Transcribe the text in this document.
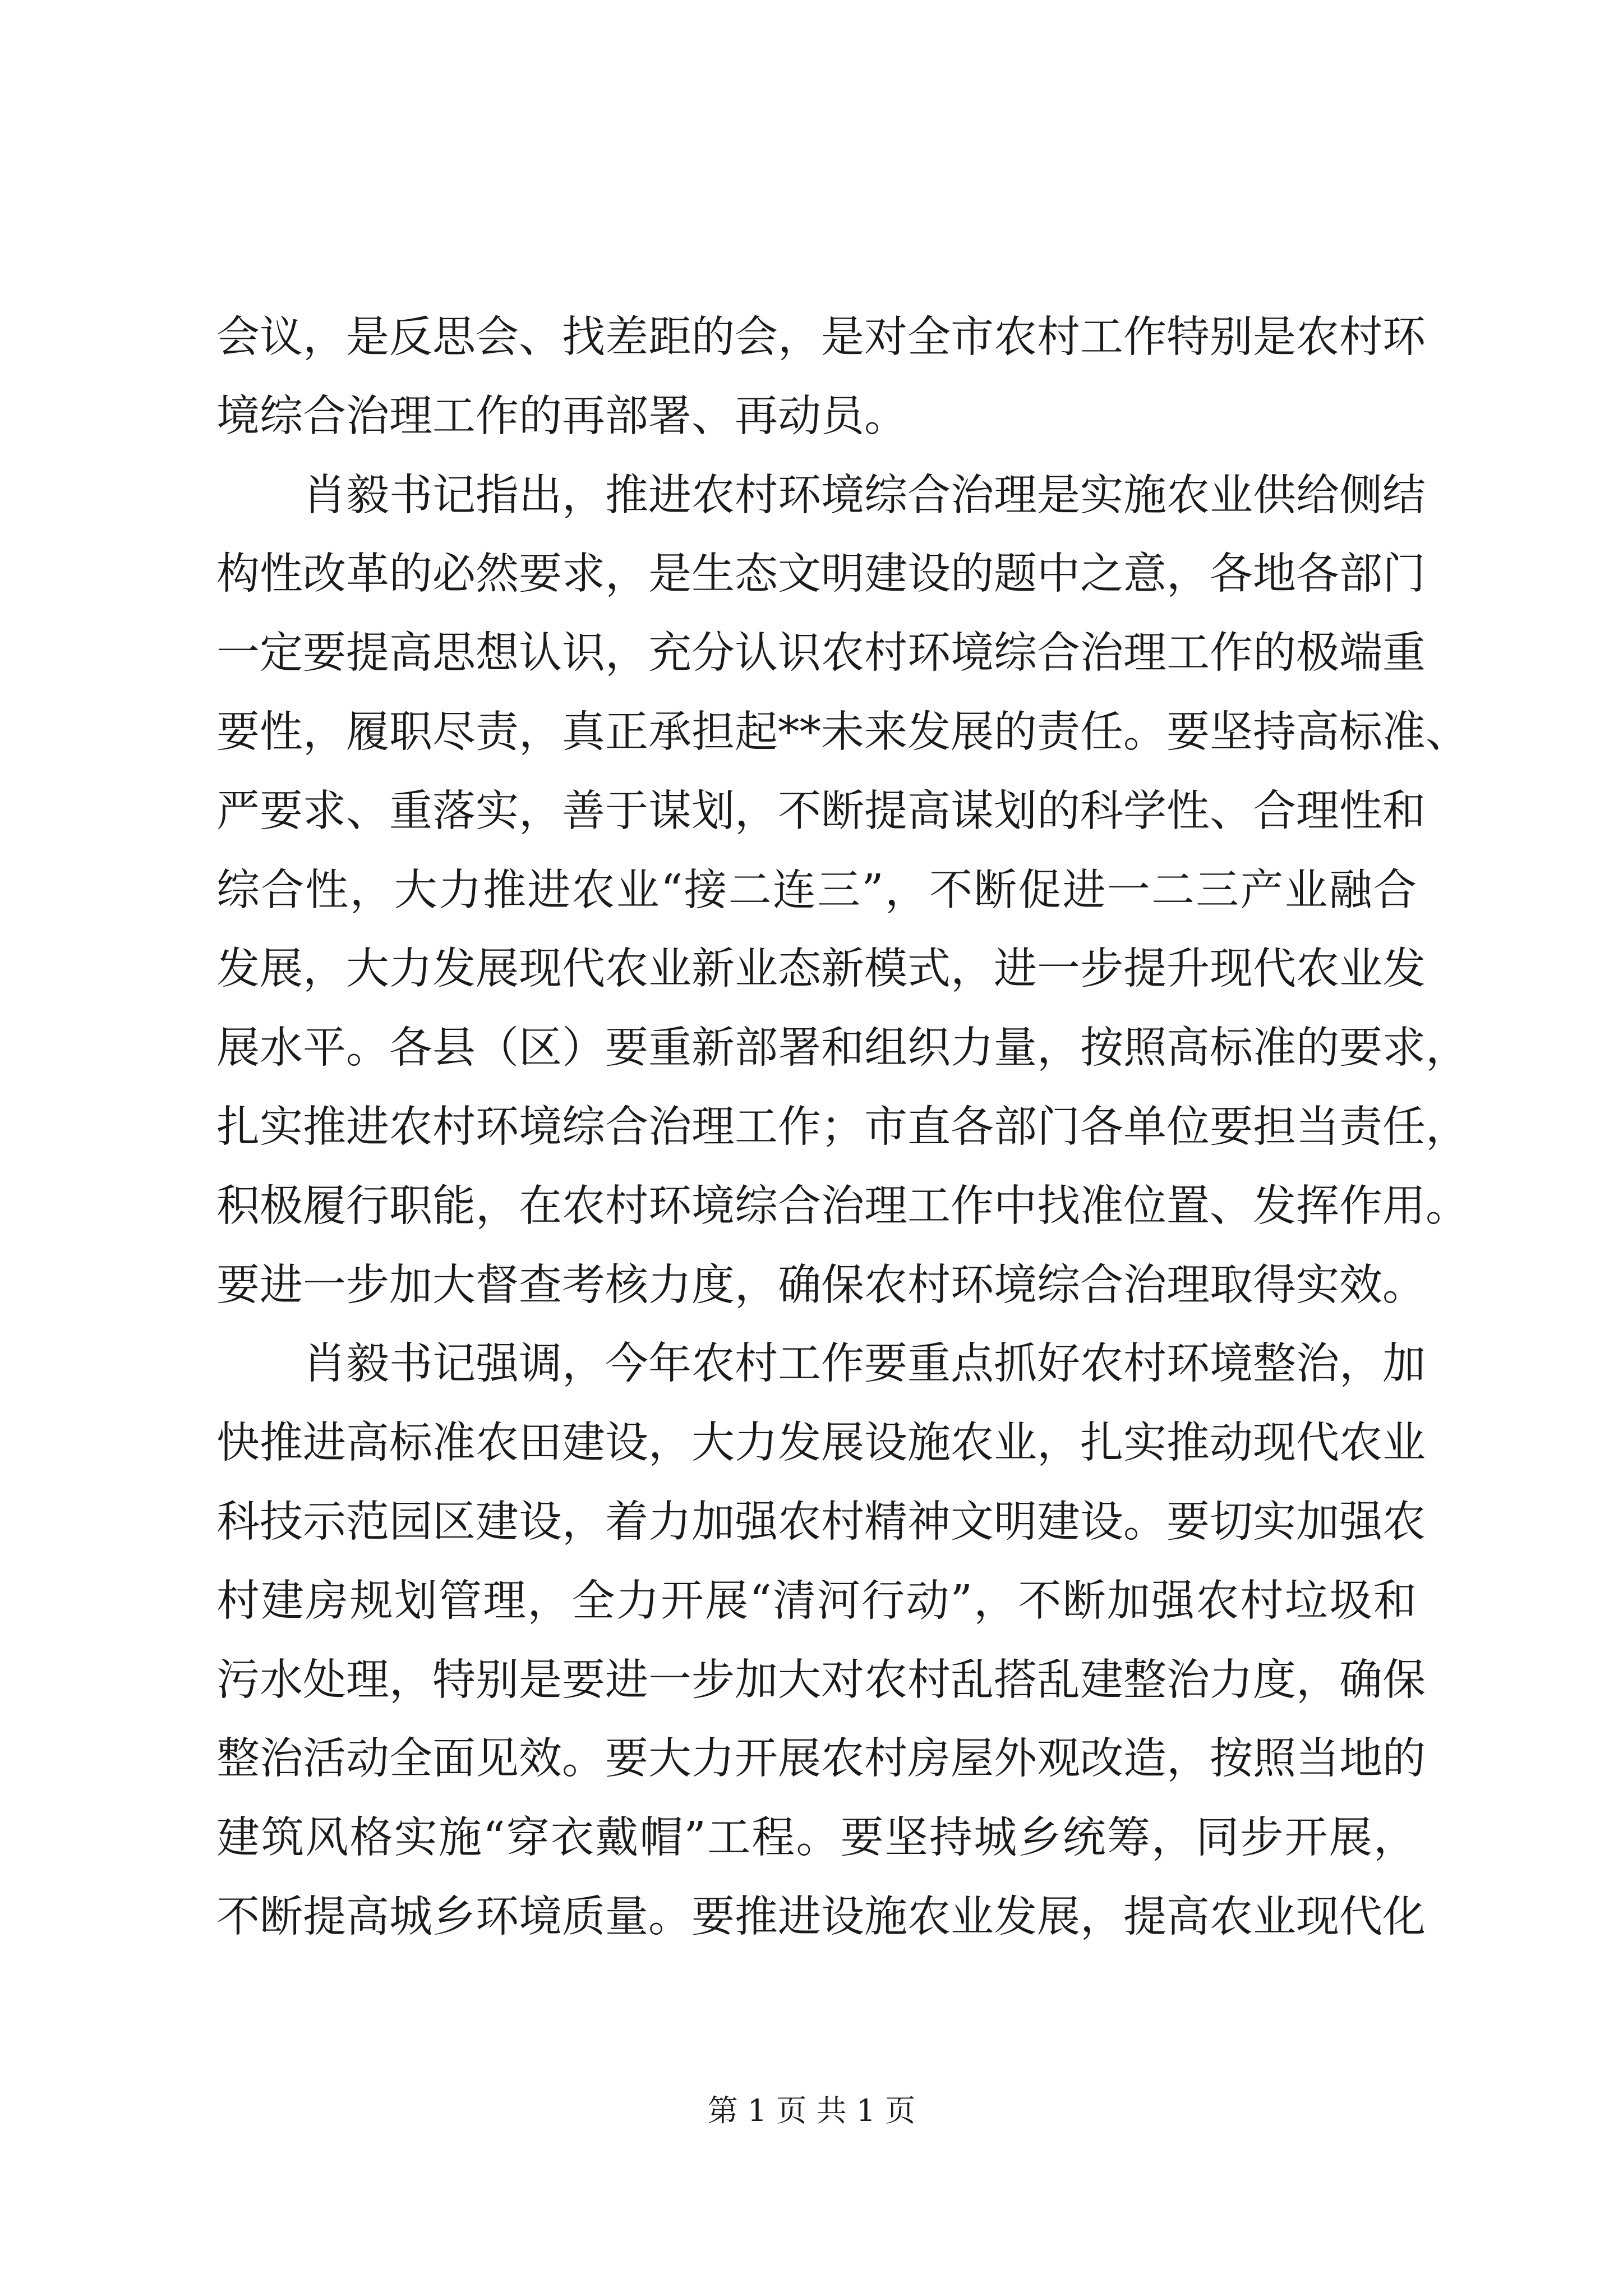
会议，是反思会、找差距的会，是对全市农村工作特别是农村环
境综合治理工作的再部署、再动员。

　　肖毅书记指出，推进农村环境综合治理是实施农业供给侧结
构性改革的必然要求，是生态文明建设的题中之意，各地各部门
一定要提高思想认识，充分认识农村环境综合治理工作的极端重
要性，履职尽责，真正承担起**未来发展的责任。要坚持高标准、
严要求、重落实，善于谋划，不断提高谋划的科学性、合理性和
综合性，大力推进农业“接二连三”，不断促进一二三产业融合
发展，大力发展现代农业新业态新模式，进一步提升现代农业发
展水平。各县（区）要重新部署和组织力量，按照高标准的要求，
扎实推进农村环境综合治理工作；市直各部门各单位要担当责任，
积极履行职能，在农村环境综合治理工作中找准位置、发挥作用。
要进一步加大督查考核力度，确保农村环境综合治理取得实效。

　　肖毅书记强调，今年农村工作要重点抓好农村环境整治，加
快推进高标准农田建设，大力发展设施农业，扎实推动现代农业
科技示范园区建设，着力加强农村精神文明建设。要切实加强农
村建房规划管理，全力开展“清河行动”，不断加强农村垃圾和
污水处理，特别是要进一步加大对农村乱搭乱建整治力度，确保
整治活动全面见效。要大力开展农村房屋外观改造，按照当地的
建筑风格实施“穿衣戴帽”工程。要坚持城乡统筹，同步开展，
不断提高城乡环境质量。要推进设施农业发展，提高农业现代化

第 1 页 共 1 页
